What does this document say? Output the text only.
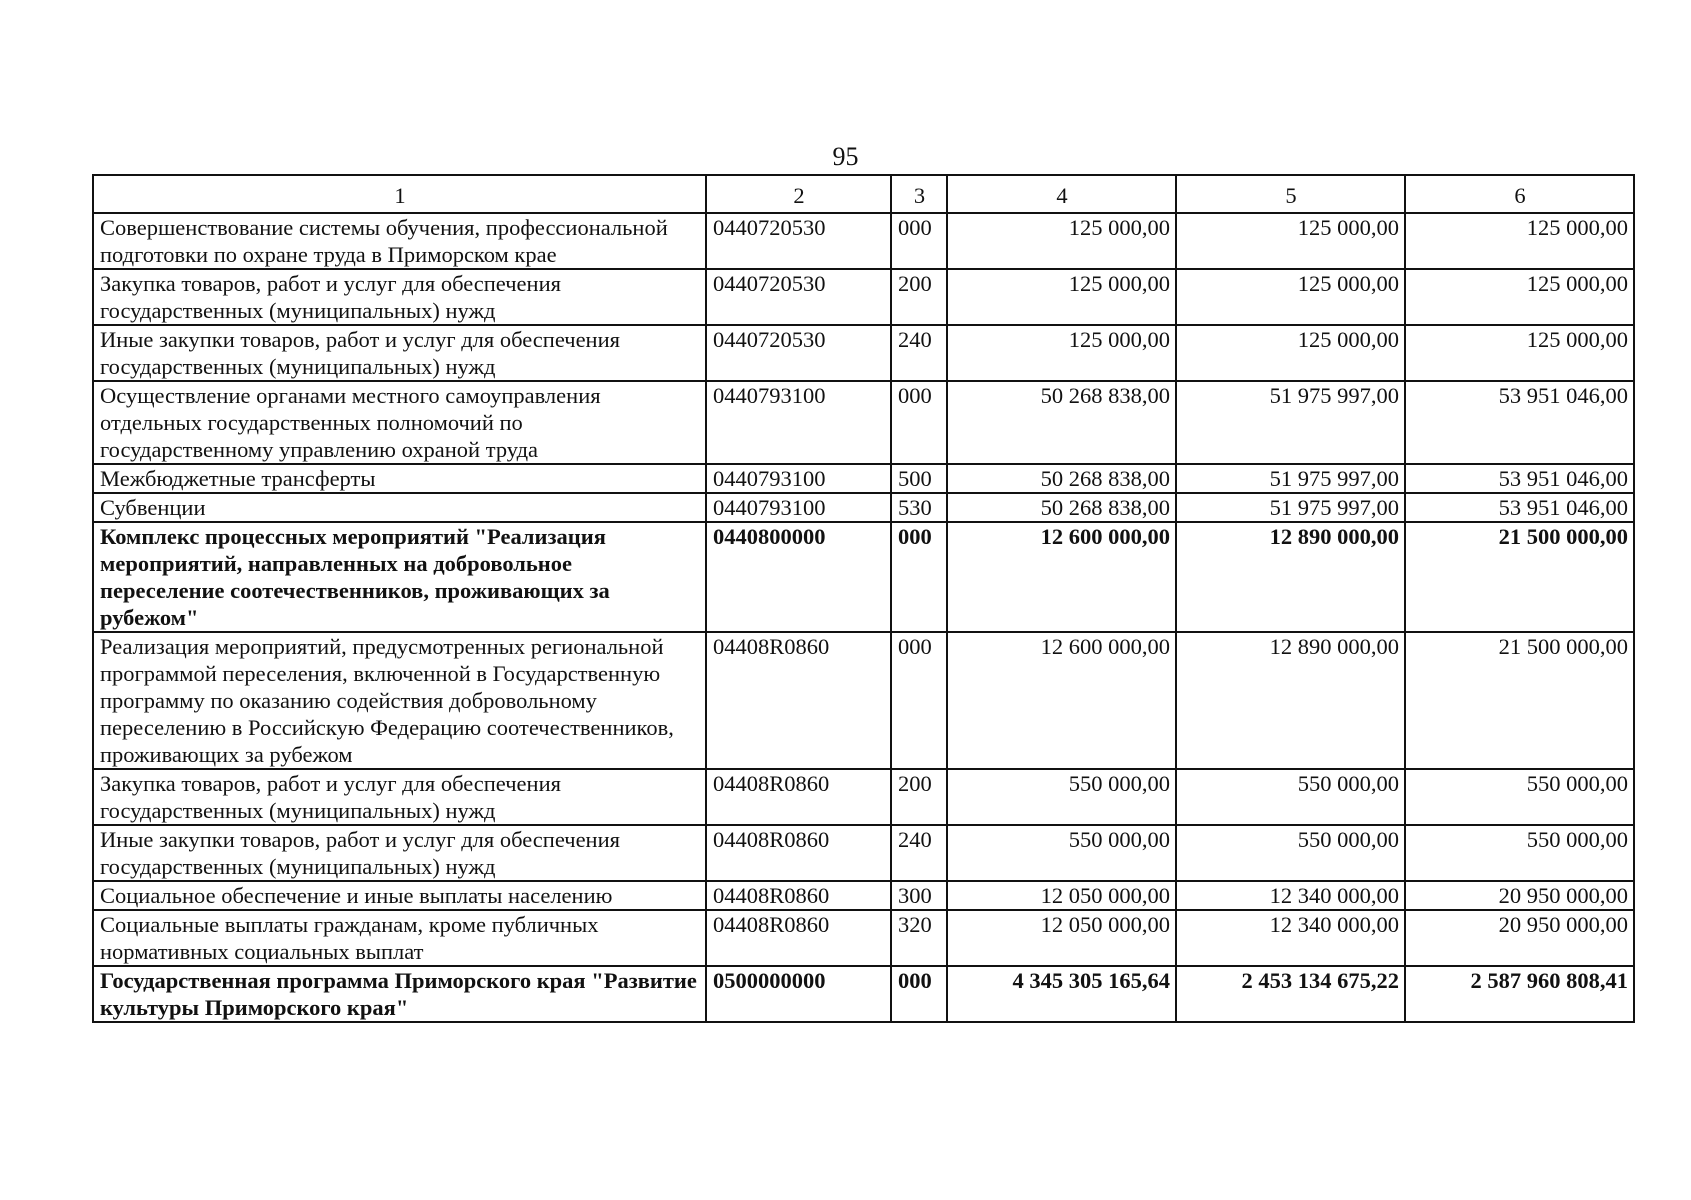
95
1	2	3	4	5	6
Совершенствование системы обучения, профессиональной подготовки по охране труда в Приморском крае	0440720530	000	125 000,00	125 000,00	125 000,00
Закупка товаров, работ и услуг для обеспечения государственных (муниципальных) нужд	0440720530	200	125 000,00	125 000,00	125 000,00
Иные закупки товаров, работ и услуг для обеспечения государственных (муниципальных) нужд	0440720530	240	125 000,00	125 000,00	125 000,00
Осуществление органами местного самоуправления отдельных государственных полномочий по государственному управлению охраной труда	0440793100	000	50 268 838,00	51 975 997,00	53 951 046,00
Межбюджетные трансферты	0440793100	500	50 268 838,00	51 975 997,00	53 951 046,00
Субвенции	0440793100	530	50 268 838,00	51 975 997,00	53 951 046,00
Комплекс процессных мероприятий "Реализация мероприятий, направленных на добровольное переселение соотечественников, проживающих за рубежом"	0440800000	000	12 600 000,00	12 890 000,00	21 500 000,00
Реализация мероприятий, предусмотренных региональной программой переселения, включенной в Государственную программу по оказанию содействия добровольному переселению в Российскую Федерацию соотечественников, проживающих за рубежом	04408R0860	000	12 600 000,00	12 890 000,00	21 500 000,00
Закупка товаров, работ и услуг для обеспечения государственных (муниципальных) нужд	04408R0860	200	550 000,00	550 000,00	550 000,00
Иные закупки товаров, работ и услуг для обеспечения государственных (муниципальных) нужд	04408R0860	240	550 000,00	550 000,00	550 000,00
Социальное обеспечение и иные выплаты населению	04408R0860	300	12 050 000,00	12 340 000,00	20 950 000,00
Социальные выплаты гражданам, кроме публичных нормативных социальных выплат	04408R0860	320	12 050 000,00	12 340 000,00	20 950 000,00
Государственная программа Приморского края "Развитие культуры Приморского края"	0500000000	000	4 345 305 165,64	2 453 134 675,22	2 587 960 808,41
